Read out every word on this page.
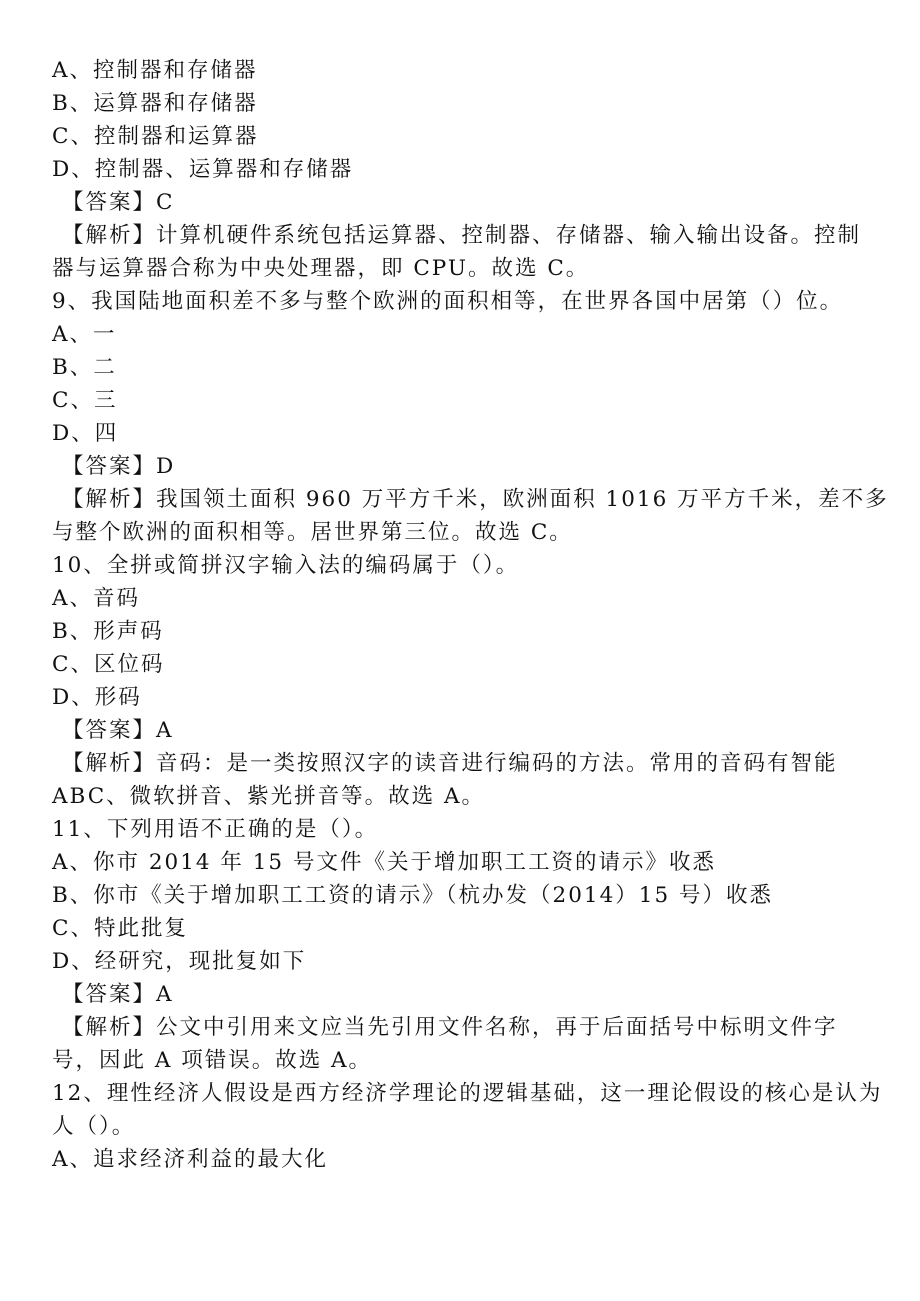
A、控制器和存储器
B、运算器和存储器
C、控制器和运算器
D、控制器、运算器和存储器
【答案】C
【解析】计算机硬件系统包括运算器、控制器、存储器、输入输出设备。控制
器与运算器合称为中央处理器，即 CPU。故选 C。
9、我国陆地面积差不多与整个欧洲的面积相等，在世界各国中居第（）位。
A、一
B、二
C、三
D、四
【答案】D
【解析】我国领土面积 960 万平方千米，欧洲面积 1016 万平方千米，差不多
与整个欧洲的面积相等。居世界第三位。故选 C。
10、全拼或简拼汉字输入法的编码属于（）。
A、音码
B、形声码
C、区位码
D、形码
【答案】A
【解析】音码：是一类按照汉字的读音进行编码的方法。常用的音码有智能
ABC、微软拼音、紫光拼音等。故选 A。
11、下列用语不正确的是（）。
A、你市 2014 年 15 号文件《关于增加职工工资的请示》收悉
B、你市《关于增加职工工资的请示》（杭办发（2014）15 号）收悉
C、特此批复
D、经研究，现批复如下
【答案】A
【解析】公文中引用来文应当先引用文件名称，再于后面括号中标明文件字
号，因此 A 项错误。故选 A。
12、理性经济人假设是西方经济学理论的逻辑基础，这一理论假设的核心是认为
人（）。
A、追求经济利益的最大化
